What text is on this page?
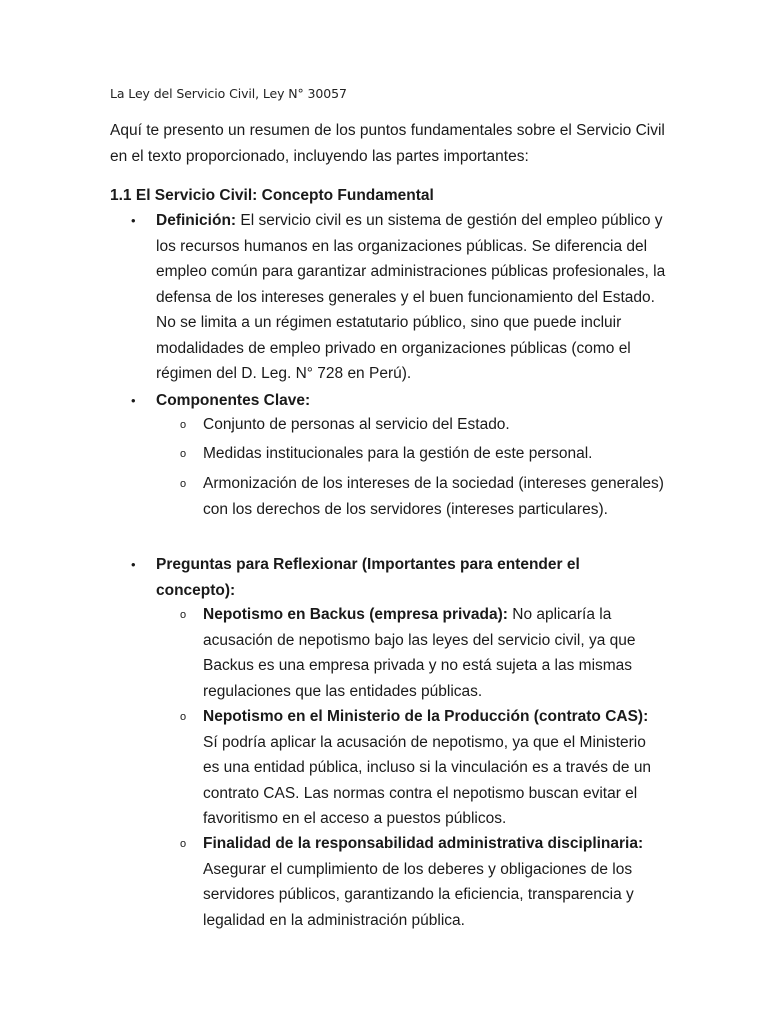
La Ley del Servicio Civil, Ley N° 30057
Aquí te presento un resumen de los puntos fundamentales sobre el Servicio Civil en el texto proporcionado, incluyendo las partes importantes:
1.1 El Servicio Civil: Concepto Fundamental
• Definición: El servicio civil es un sistema de gestión del empleo público y los recursos humanos en las organizaciones públicas. Se diferencia del empleo común para garantizar administraciones públicas profesionales, la defensa de los intereses generales y el buen funcionamiento del Estado. No se limita a un régimen estatutario público, sino que puede incluir modalidades de empleo privado en organizaciones públicas (como el régimen del D. Leg. N° 728 en Perú).
• Componentes Clave:
o Conjunto de personas al servicio del Estado.
o Medidas institucionales para la gestión de este personal.
o Armonización de los intereses de la sociedad (intereses generales) con los derechos de los servidores (intereses particulares).
• Preguntas para Reflexionar (Importantes para entender el concepto):
o Nepotismo en Backus (empresa privada): No aplicaría la acusación de nepotismo bajo las leyes del servicio civil, ya que Backus es una empresa privada y no está sujeta a las mismas regulaciones que las entidades públicas.
o Nepotismo en el Ministerio de la Producción (contrato CAS): Sí podría aplicar la acusación de nepotismo, ya que el Ministerio es una entidad pública, incluso si la vinculación es a través de un contrato CAS. Las normas contra el nepotismo buscan evitar el favoritismo en el acceso a puestos públicos.
o Finalidad de la responsabilidad administrativa disciplinaria: Asegurar el cumplimiento de los deberes y obligaciones de los servidores públicos, garantizando la eficiencia, transparencia y legalidad en la administración pública.
